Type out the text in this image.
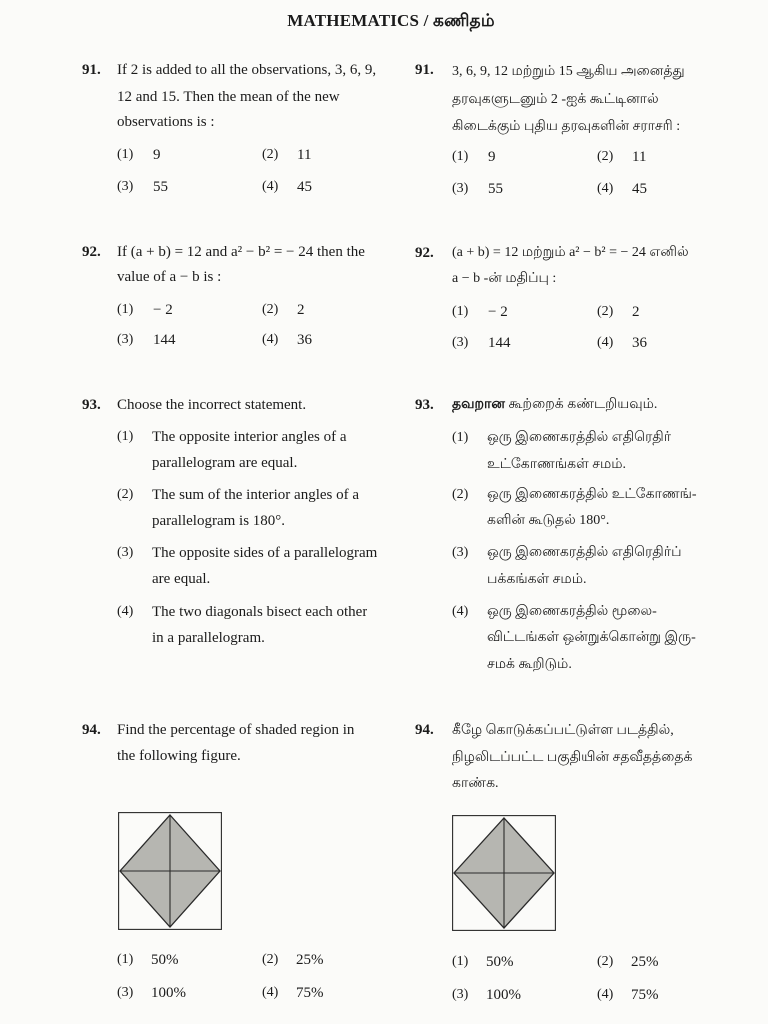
MATHEMATICS / கணிதம்
91.	If 2 is added to all the observations, 3, 6, 9,
12 and 15. Then the mean of the new
observations is :
(1)	9	(2)	11
(3)	55	(4)	45
91.	3, 6, 9, 12 மற்றும் 15 ஆகிய அனைத்து
தரவுகளுடனும் 2 -ஐக் கூட்டினால்
கிடைக்கும் புதிய தரவுகளின் சராசரி :
(1)	9	(2)	11
(3)	55	(4)	45
92.	If (a + b) = 12 and a² − b² = − 24 then the
value of a − b is :
(1)	− 2	(2)	2
(3)	144	(4)	36
92.	(a + b) = 12 மற்றும் a² − b² = − 24 எனில்
a − b -ன் மதிப்பு :
(1)	− 2	(2)	2
(3)	144	(4)	36
93.	Choose the incorrect statement.
(1)	The opposite interior angles of a
parallelogram are equal.
(2)	The sum of the interior angles of a
parallelogram is 180°.
(3)	The opposite sides of a parallelogram
are equal.
(4)	The two diagonals bisect each other
in a parallelogram.
93.	தவறான கூற்றைக் கண்டறியவும்.
(1)	ஒரு இணைகரத்தில் எதிரெதிர்
உட்கோணங்கள் சமம்.
(2)	ஒரு இணைகரத்தில் உட்கோணங்-
களின் கூடுதல் 180°.
(3)	ஒரு இணைகரத்தில் எதிரெதிர்ப்
பக்கங்கள் சமம்.
(4)	ஒரு இணைகரத்தில் மூலை-
விட்டங்கள் ஒன்றுக்கொன்று இரு-
சமக் கூறிடும்.
94.	Find the percentage of shaded region in
the following figure.
(1)	50%	(2)	25%
(3)	100%	(4)	75%
94.	கீழே கொடுக்கப்பட்டுள்ள படத்தில்,
நிழலிடப்பட்ட பகுதியின் சதவீதத்தைக்
காண்க.
(1)	50%	(2)	25%
(3)	100%	(4)	75%
